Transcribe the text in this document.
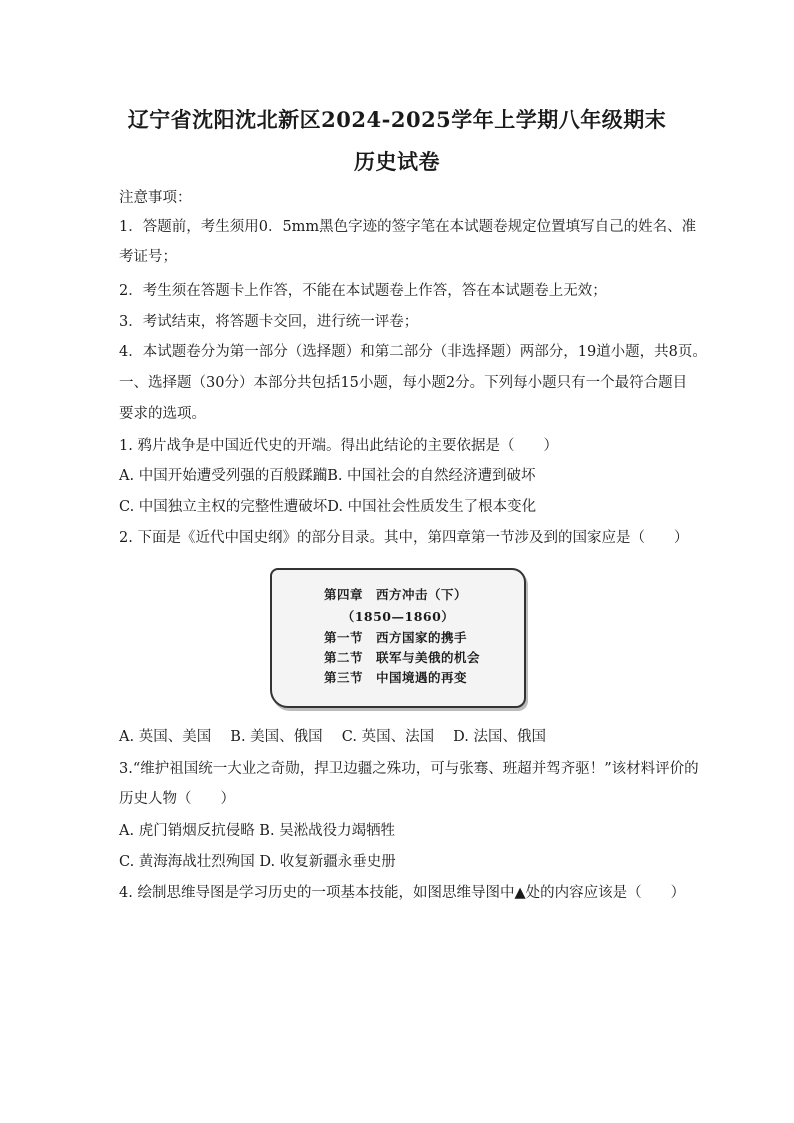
辽宁省沈阳沈北新区2024-2025学年上学期八年级期末
历史试卷
注意事项：
1．答题前，考生须用0．5mm黑色字迹的签字笔在本试题卷规定位置填写自己的姓名、准
考证号；
2．考生须在答题卡上作答，不能在本试题卷上作答，答在本试题卷上无效；
3．考试结束，将答题卡交回，进行统一评卷；
4．本试题卷分为第一部分（选择题）和第二部分（非选择题）两部分，19道小题，共8页。
一、选择题（30分）本部分共包括15小题，每小题2分。下列每小题只有一个最符合题目
要求的选项。
1. 鸦片战争是中国近代史的开端。得出此结论的主要依据是（　　）
A. 中国开始遭受列强的百般蹂躏B. 中国社会的自然经济遭到破坏
C. 中国独立主权的完整性遭破坏D. 中国社会性质发生了根本变化
2. 下面是《近代中国史纲》的部分目录。其中，第四章第一节涉及到的国家应是（　　）
第四章　西方冲击（下）
（1850—1860）
第一节　西方国家的携手
第二节　联军与美俄的机会
第三节　中国境遇的再变
A. 英国、美国　 B. 美国、俄国　 C. 英国、法国　 D. 法国、俄国
3.“维护祖国统一大业之奇勋，捍卫边疆之殊功，可与张骞、班超并驾齐驱！”该材料评价的
历史人物（　　）
A. 虎门销烟反抗侵略 B. 吴淞战役力竭牺牲
C. 黄海海战壮烈殉国 D. 收复新疆永垂史册
4. 绘制思维导图是学习历史的一项基本技能，如图思维导图中▲处的内容应该是（　　）
